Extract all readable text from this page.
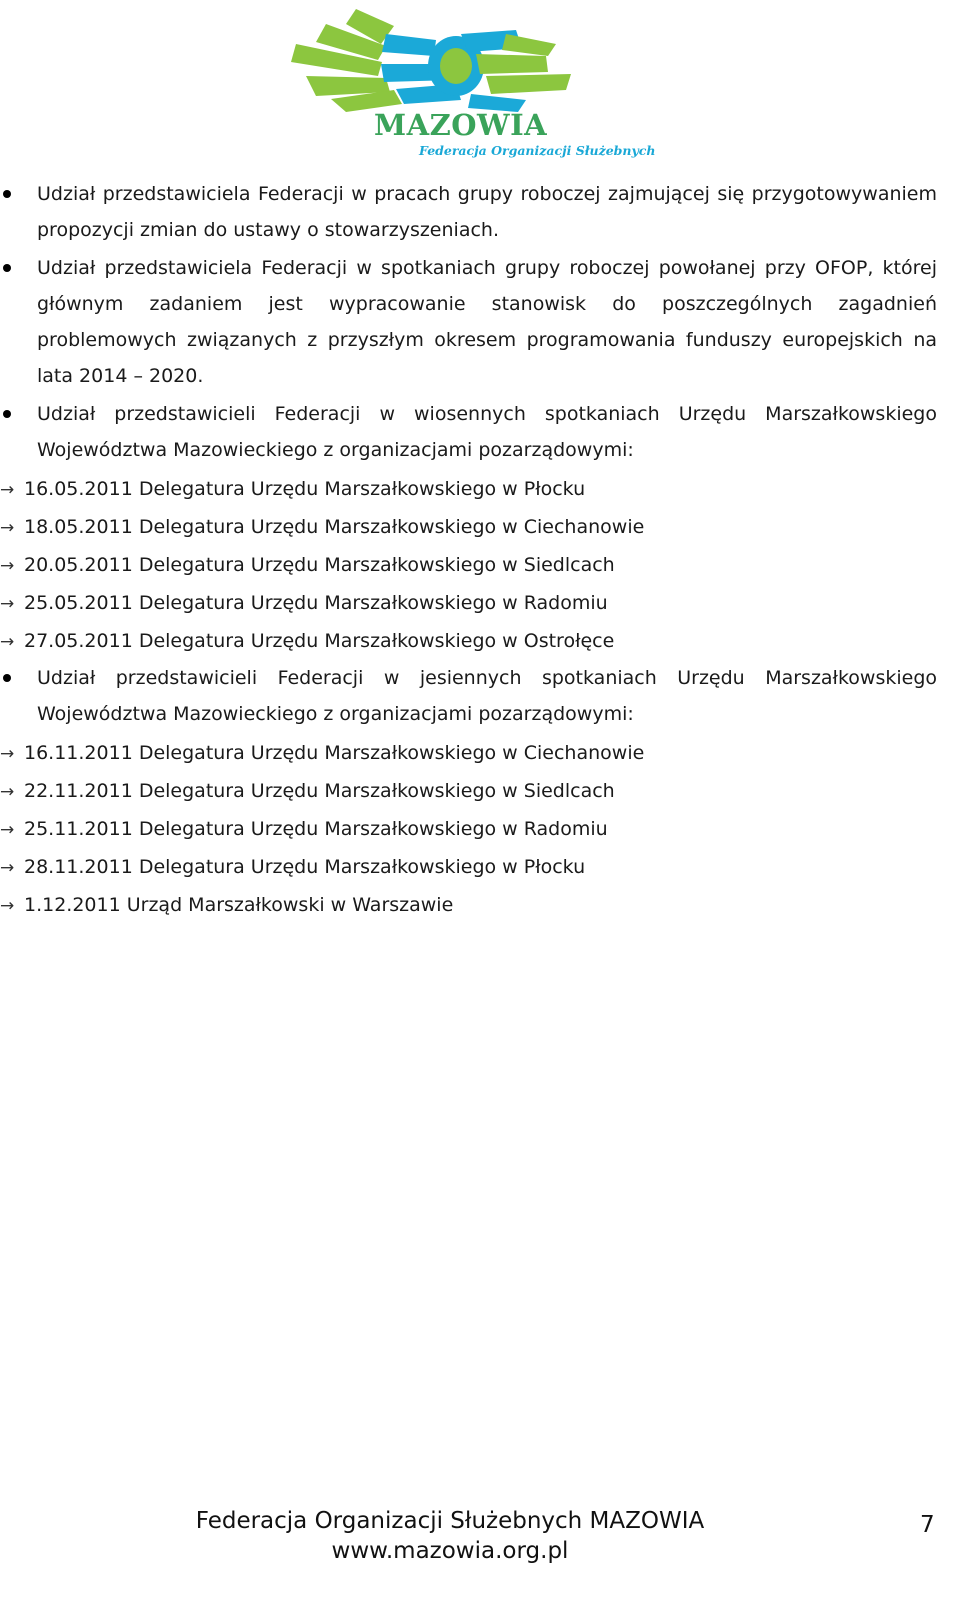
MAZOWIA
Federacja Organizacji Służebnych
Udział przedstawiciela Federacji w pracach grupy roboczej zajmującej się przygotowywaniem propozycji zmian do ustawy o stowarzyszeniach.
Udział przedstawiciela Federacji w spotkaniach grupy roboczej powołanej przy OFOP, której głównym zadaniem jest wypracowanie stanowisk do poszczególnych zagadnień problemowych związanych z przyszłym okresem programowania funduszy europejskich na lata 2014 – 2020.
Udział przedstawicieli Federacji w wiosennych spotkaniach Urzędu Marszałkowskiego Województwa Mazowieckiego z organizacjami pozarządowymi:
→ 16.05.2011 Delegatura Urzędu Marszałkowskiego w Płocku
→ 18.05.2011 Delegatura Urzędu Marszałkowskiego w Ciechanowie
→ 20.05.2011 Delegatura Urzędu Marszałkowskiego w Siedlcach
→ 25.05.2011 Delegatura Urzędu Marszałkowskiego w Radomiu
→ 27.05.2011 Delegatura Urzędu Marszałkowskiego w Ostrołęce
Udział przedstawicieli Federacji w jesiennych spotkaniach Urzędu Marszałkowskiego Województwa Mazowieckiego z organizacjami pozarządowymi:
→ 16.11.2011 Delegatura Urzędu Marszałkowskiego w Ciechanowie
→ 22.11.2011 Delegatura Urzędu Marszałkowskiego w Siedlcach
→ 25.11.2011 Delegatura Urzędu Marszałkowskiego w Radomiu
→ 28.11.2011 Delegatura Urzędu Marszałkowskiego w Płocku
→ 1.12.2011 Urząd Marszałkowski w Warszawie
Federacja Organizacji Służebnych MAZOWIA
www.mazowia.org.pl
7
